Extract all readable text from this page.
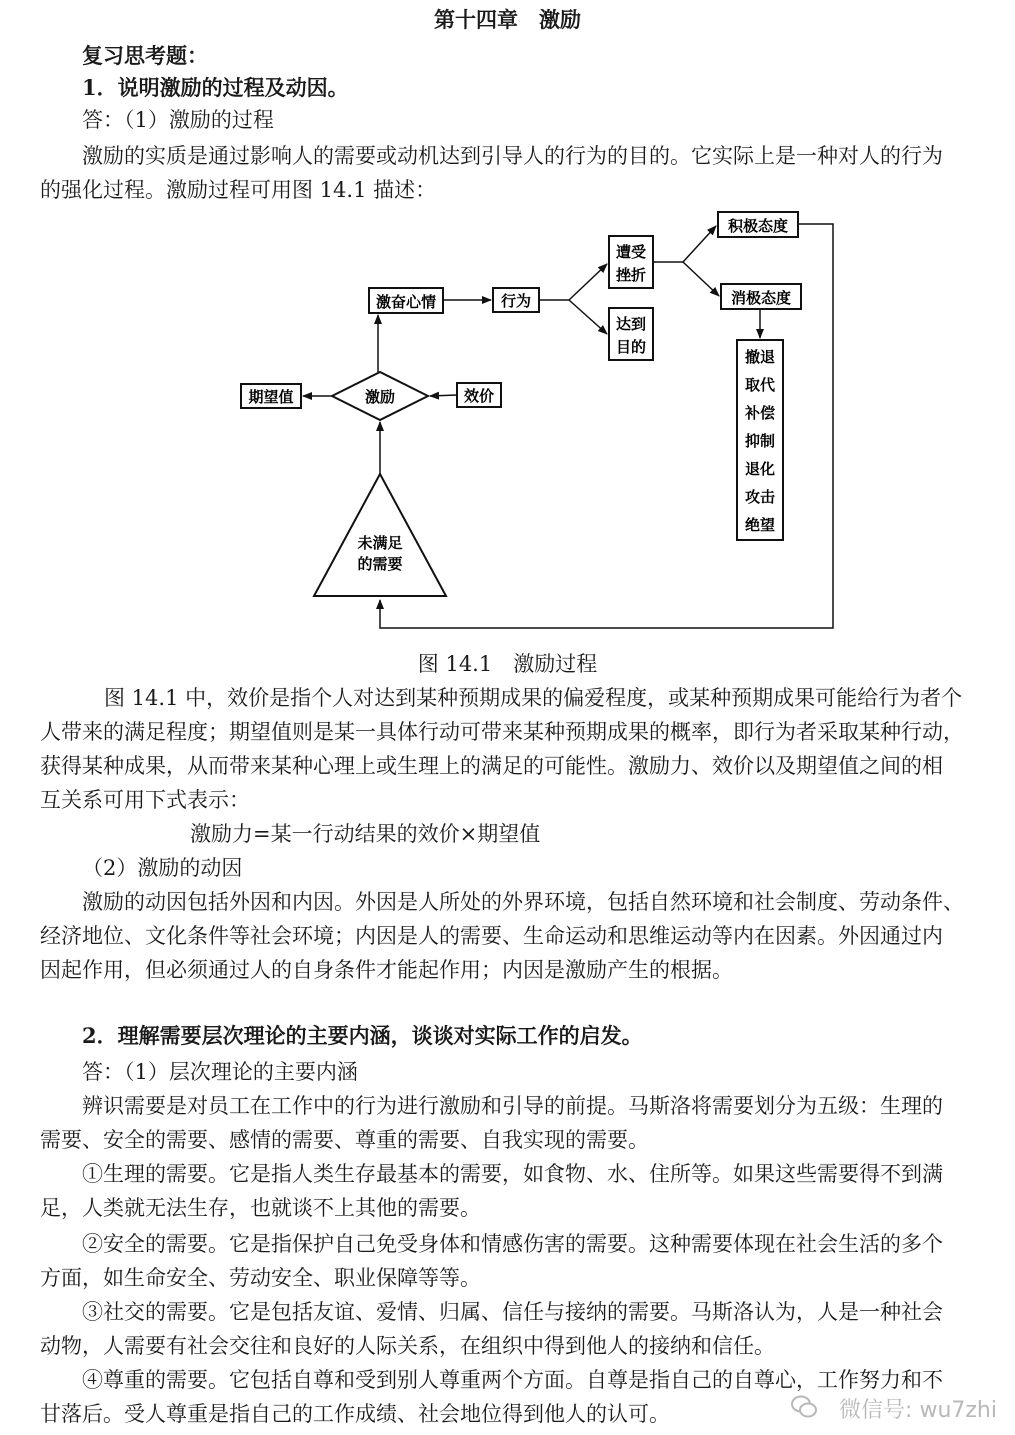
第十四章　激励
复习思考题：
1．说明激励的过程及动因。
答：（1）激励的过程
激励的实质是通过影响人的需要或动机达到引导人的行为的目的。它实际上是一种对人的行为
的强化过程。激励过程可用图 14.1 描述：
未满足
的需要
激励
期望值	效价
激奋心情	行为
遭受
挫折
达到
目的
积极态度
消极态度
撤退
取代
补偿
抑制
退化
攻击
绝望
图 14.1　激励过程
图 14.1 中，效价是指个人对达到某种预期成果的偏爱程度，或某种预期成果可能给行为者个
人带来的满足程度；期望值则是某一具体行动可带来某种预期成果的概率，即行为者采取某种行动，
获得某种成果，从而带来某种心理上或生理上的满足的可能性。激励力、效价以及期望值之间的相
互关系可用下式表示：
激励力=某一行动结果的效价×期望值
（2）激励的动因
激励的动因包括外因和内因。外因是人所处的外界环境，包括自然环境和社会制度、劳动条件、
经济地位、文化条件等社会环境；内因是人的需要、生命运动和思维运动等内在因素。外因通过内
因起作用，但必须通过人的自身条件才能起作用；内因是激励产生的根据。
2．理解需要层次理论的主要内涵，谈谈对实际工作的启发。
答：（1）层次理论的主要内涵
辨识需要是对员工在工作中的行为进行激励和引导的前提。马斯洛将需要划分为五级：生理的
需要、安全的需要、感情的需要、尊重的需要、自我实现的需要。
①生理的需要。它是指人类生存最基本的需要，如食物、水、住所等。如果这些需要得不到满
足，人类就无法生存，也就谈不上其他的需要。
②安全的需要。它是指保护自己免受身体和情感伤害的需要。这种需要体现在社会生活的多个
方面，如生命安全、劳动安全、职业保障等等。
③社交的需要。它是包括友谊、爱情、归属、信任与接纳的需要。马斯洛认为，人是一种社会
动物，人需要有社会交往和良好的人际关系，在组织中得到他人的接纳和信任。
④尊重的需要。它包括自尊和受到别人尊重两个方面。自尊是指自己的自尊心，工作努力和不
甘落后。受人尊重是指自己的工作成绩、社会地位得到他人的认可。	微信号: wu7zhi
